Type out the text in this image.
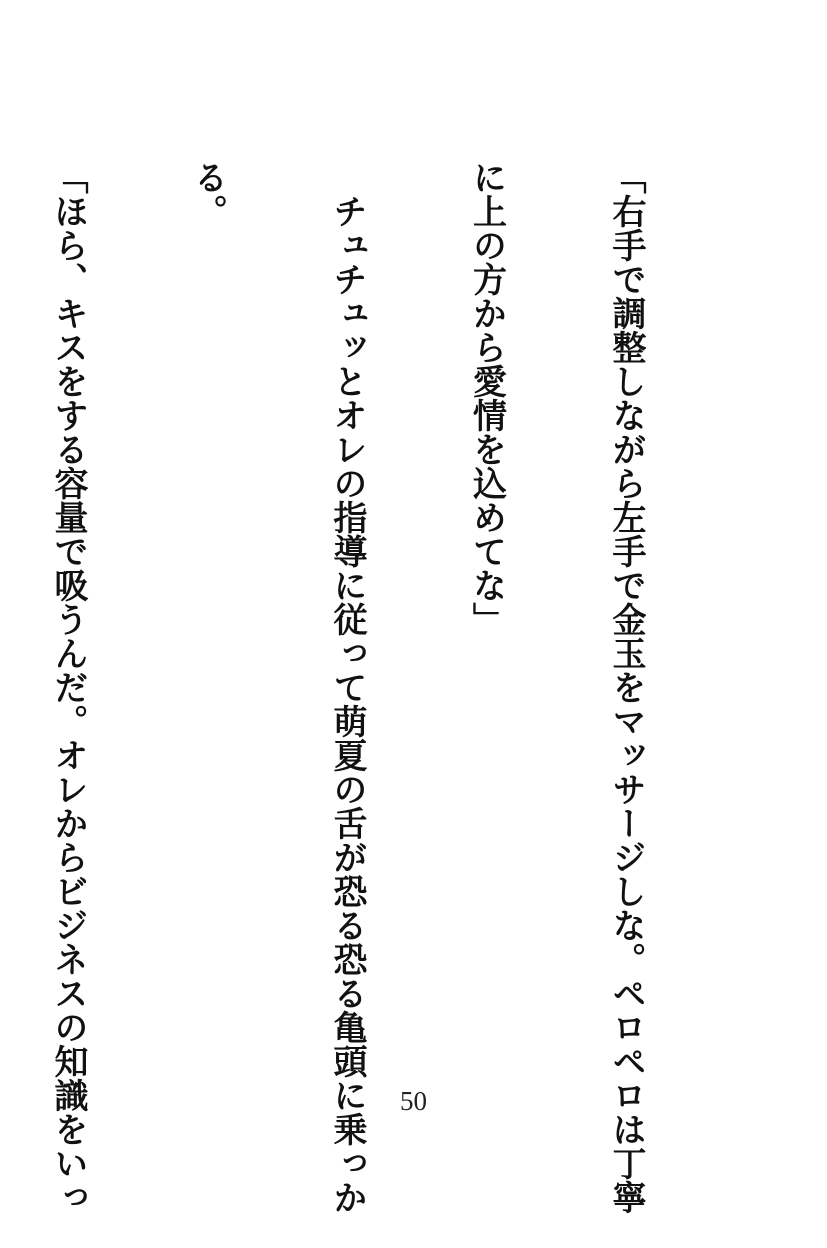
「右手で調整しながら左手で金玉をマッサージしな。ペロペロは丁寧

に上の方から愛情を込めてな」

　チュチュッとオレの指導に従って萌夏の舌が恐る恐る亀頭に乗っか

る。

「ほら、キスをする容量で吸うんだ。オレからビジネスの知識をいっ

	50
